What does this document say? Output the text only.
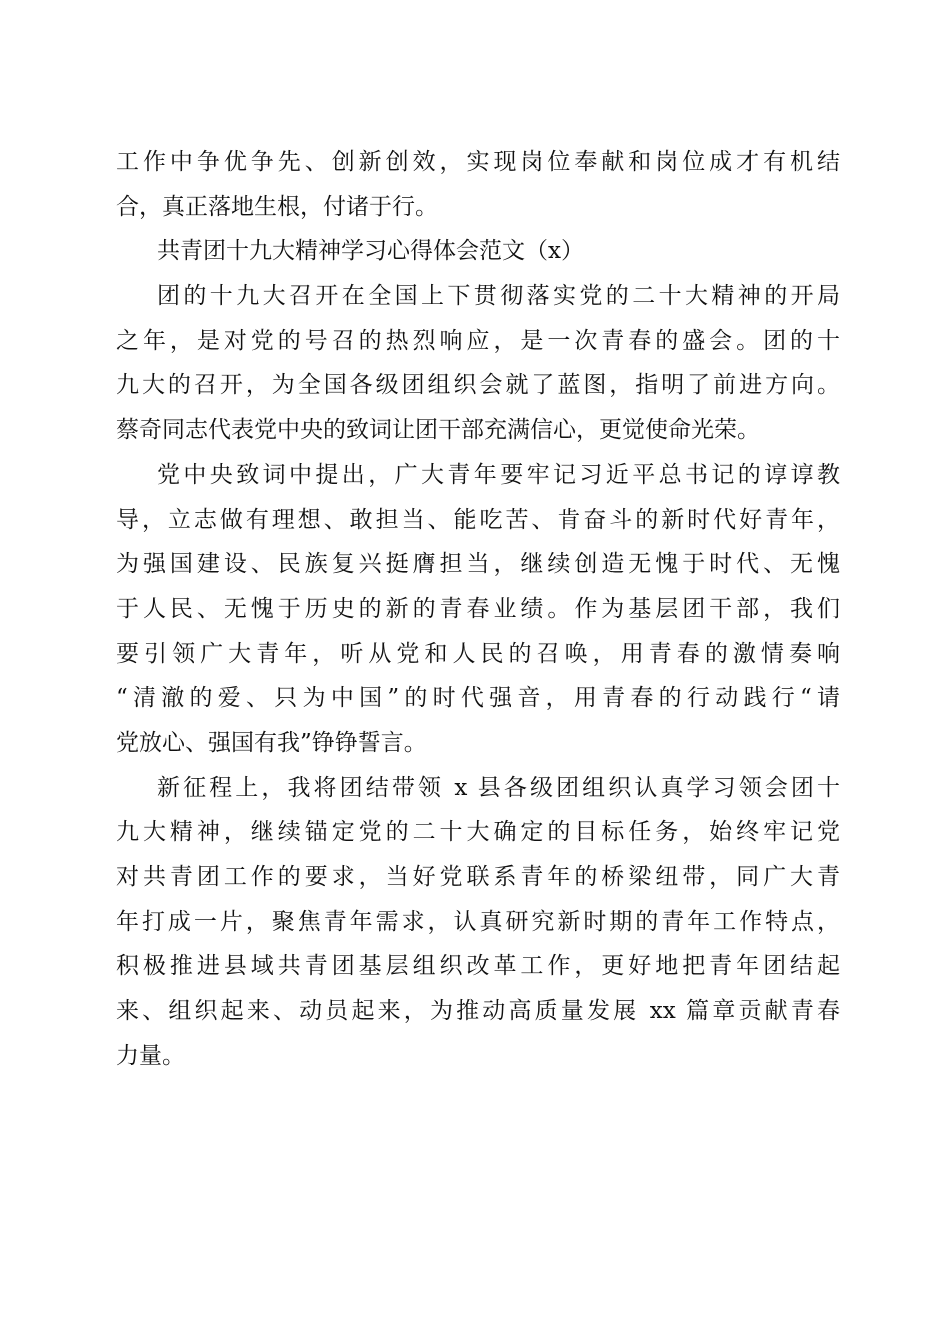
工作中争优争先、创新创效，实现岗位奉献和岗位成才有机结
合，真正落地生根，付诸于行。
共青团十九大精神学习心得体会范文（x）
团的十九大召开在全国上下贯彻落实党的二十大精神的开局
之年，是对党的号召的热烈响应，是一次青春的盛会。团的十
九大的召开，为全国各级团组织会就了蓝图，指明了前进方向。
蔡奇同志代表党中央的致词让团干部充满信心，更觉使命光荣。
党中央致词中提出，广大青年要牢记习近平总书记的谆谆教
导，立志做有理想、敢担当、能吃苦、肯奋斗的新时代好青年，
为强国建设、民族复兴挺膺担当，继续创造无愧于时代、无愧
于人民、无愧于历史的新的青春业绩。作为基层团干部，我们
要引领广大青年，听从党和人民的召唤，用青春的激情奏响
“清澈的爱、只为中国”的时代强音，用青春的行动践行“请
党放心、强国有我”铮铮誓言。
新征程上，我将团结带领 x 县各级团组织认真学习领会团十
九大精神，继续锚定党的二十大确定的目标任务，始终牢记党
对共青团工作的要求，当好党联系青年的桥梁纽带，同广大青
年打成一片，聚焦青年需求，认真研究新时期的青年工作特点，
积极推进县域共青团基层组织改革工作，更好地把青年团结起
来、组织起来、动员起来，为推动高质量发展 xx 篇章贡献青春
力量。
